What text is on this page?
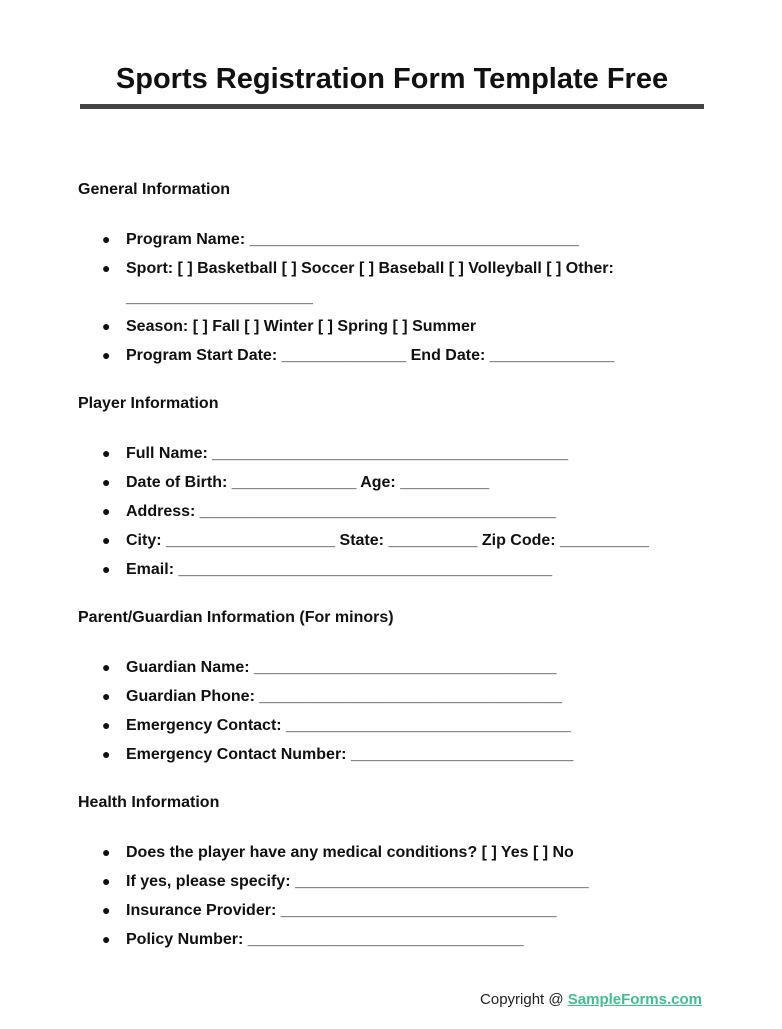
Sports Registration Form Template Free
General Information
● Program Name: _____________________________________
● Sport: [ ] Basketball [ ] Soccer [ ] Baseball [ ] Volleyball [ ] Other: _____________________
● Season: [ ] Fall [ ] Winter [ ] Spring [ ] Summer
● Program Start Date: ______________ End Date: ______________
Player Information
● Full Name: ________________________________________
● Date of Birth: ______________ Age: __________
● Address: ________________________________________
● City: ___________________ State: __________ Zip Code: __________
● Email: __________________________________________
Parent/Guardian Information (For minors)
● Guardian Name: __________________________________
● Guardian Phone: __________________________________
● Emergency Contact: ________________________________
● Emergency Contact Number: _________________________
Health Information
● Does the player have any medical conditions? [ ] Yes [ ] No
● If yes, please specify: _________________________________
● Insurance Provider: _______________________________
● Policy Number: _______________________________
Copyright @ SampleForms.com
